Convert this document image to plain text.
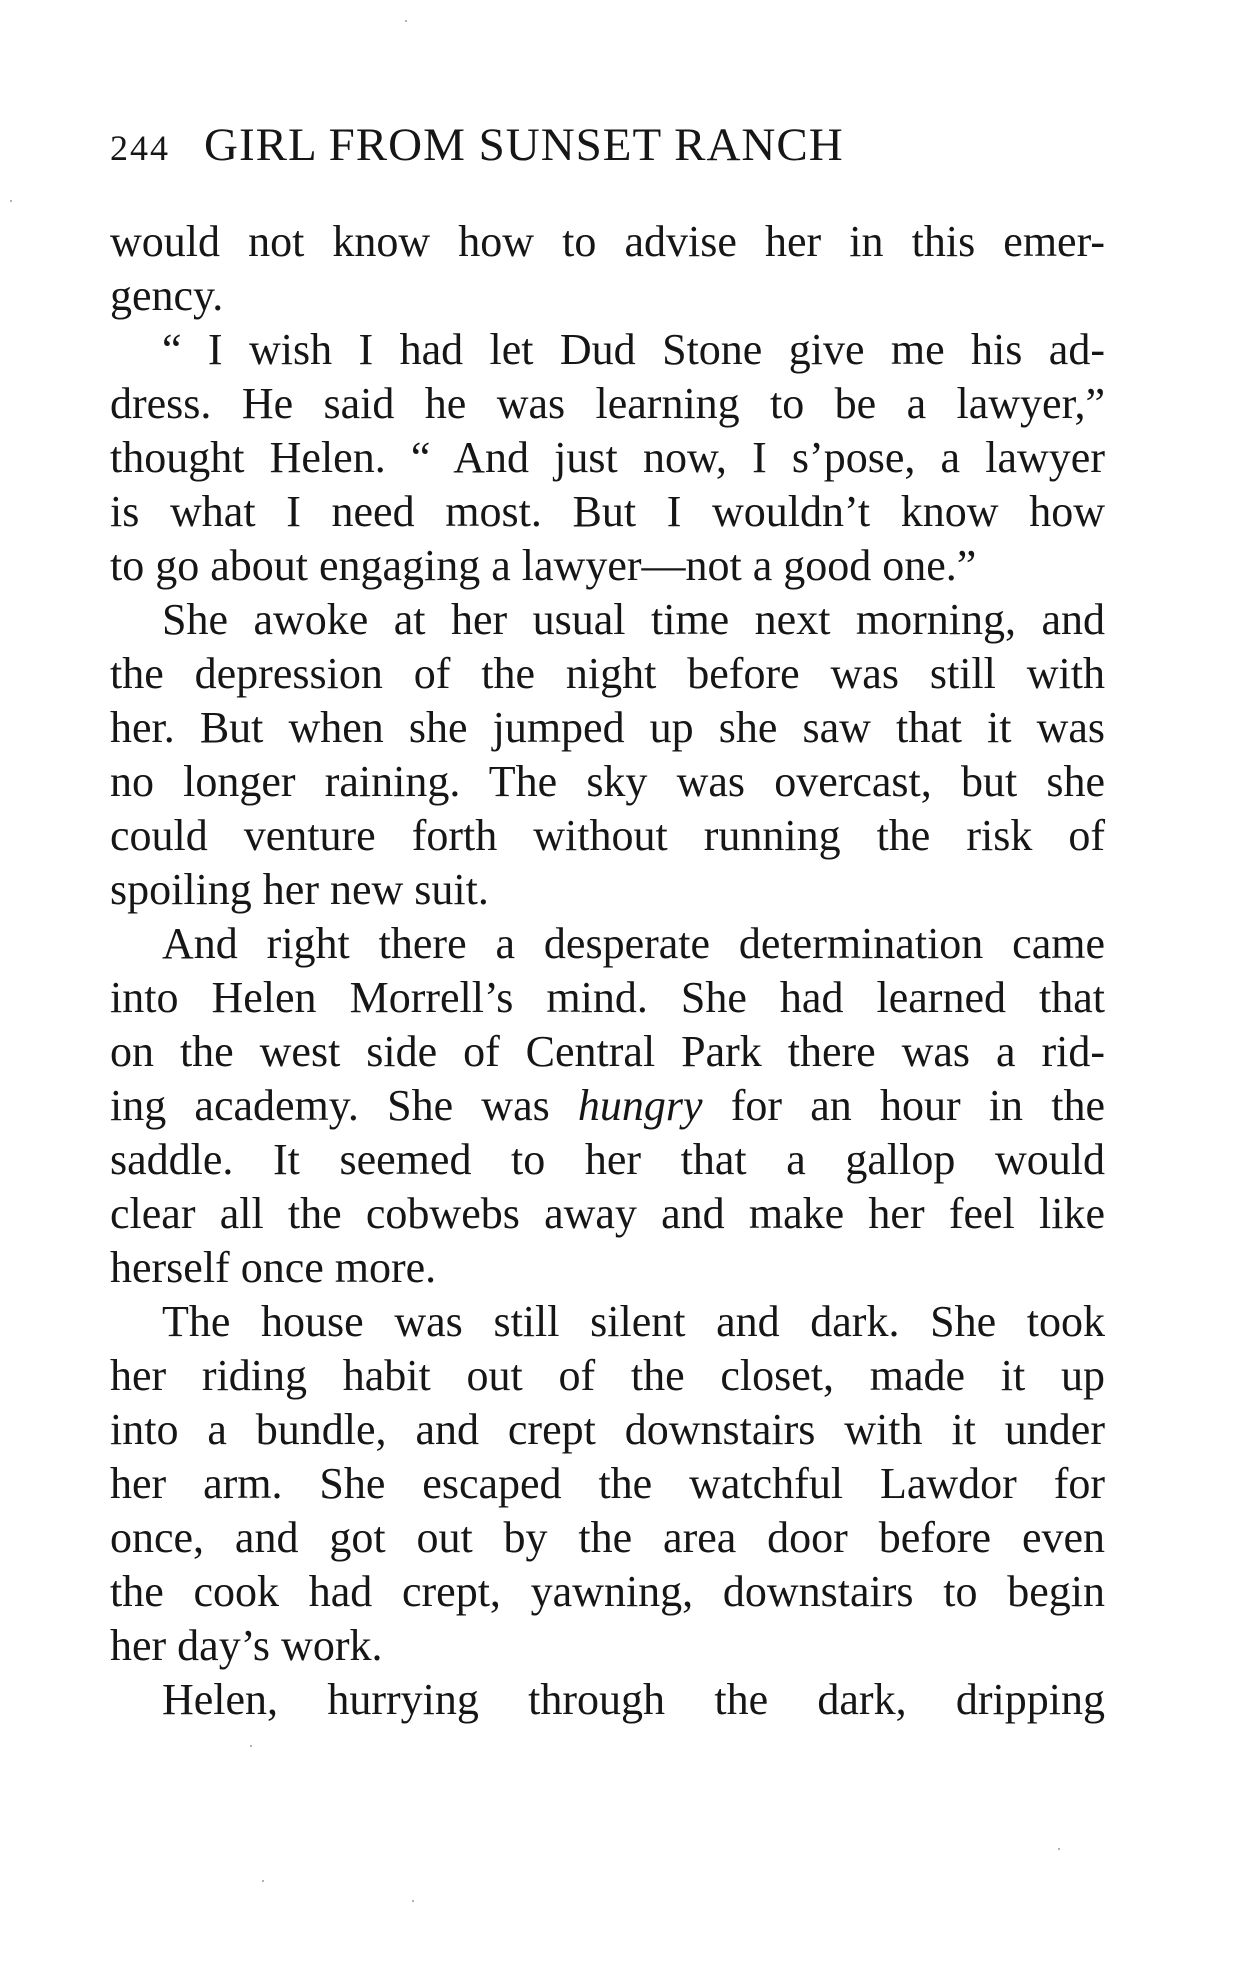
244 GIRL FROM SUNSET RANCH
would not know how to advise her in this emer-
gency.
“ I wish I had let Dud Stone give me his ad-
dress. He said he was learning to be a lawyer,”
thought Helen. “ And just now, I s’pose, a lawyer
is what I need most. But I wouldn’t know how
to go about engaging a lawyer—not a good one.”
She awoke at her usual time next morning, and
the depression of the night before was still with
her. But when she jumped up she saw that it was
no longer raining. The sky was overcast, but she
could venture forth without running the risk of
spoiling her new suit.
And right there a desperate determination came
into Helen Morrell’s mind. She had learned that
on the west side of Central Park there was a rid-
ing academy. She was hungry for an hour in the
saddle. It seemed to her that a gallop would
clear all the cobwebs away and make her feel like
herself once more.
The house was still silent and dark. She took
her riding habit out of the closet, made it up
into a bundle, and crept downstairs with it under
her arm. She escaped the watchful Lawdor for
once, and got out by the area door before even
the cook had crept, yawning, downstairs to begin
her day’s work.
Helen, hurrying through the dark, dripping
